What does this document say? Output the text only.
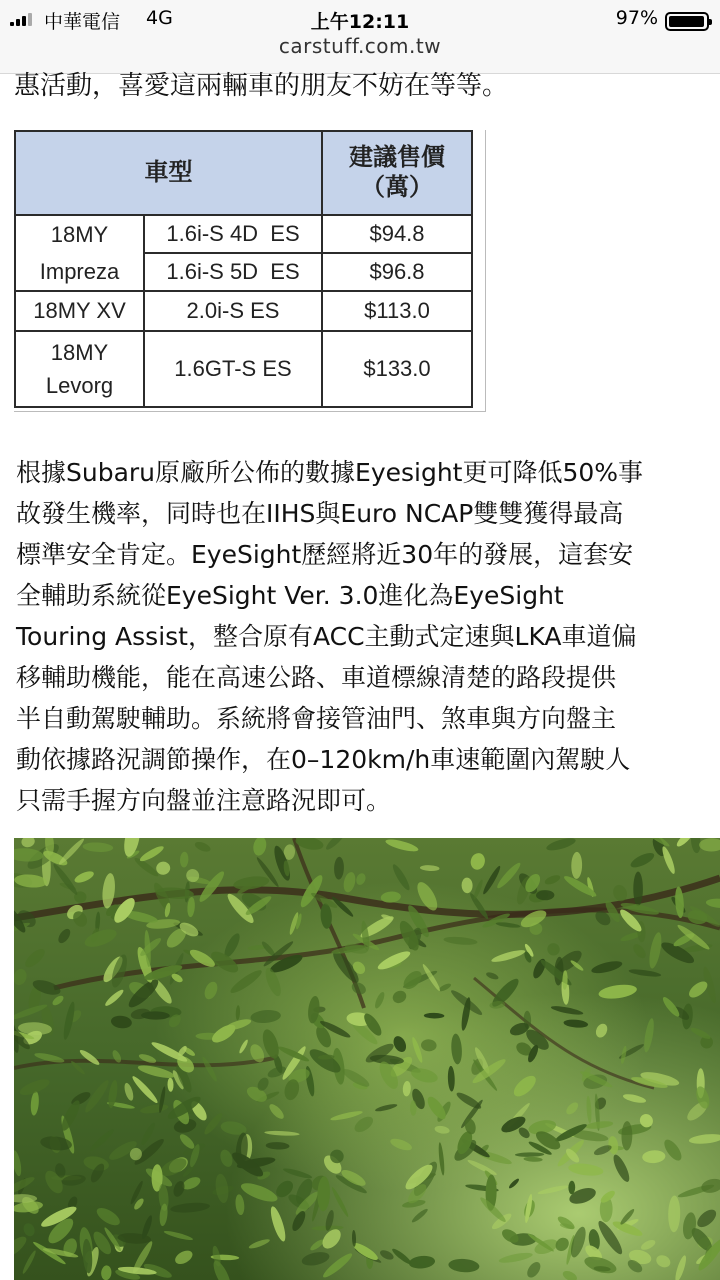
中華電信 4G	上午12:11	97%
carstuff.com.tw
惠活動，喜愛這兩輛車的朋友不妨在等等。
車型		建議售價
（萬）
18MY
Impreza	1.6i-S 4D  ES	$94.8
	1.6i-S 5D  ES	$96.8
18MY XV	2.0i-S ES	$113.0
18MY
Levorg	1.6GT-S ES	$133.0
根據Subaru原廠所公佈的數據Eyesight更可降低50%事
故發生機率，同時也在IIHS與Euro NCAP雙雙獲得最高
標準安全肯定。EyeSight歷經將近30年的發展，這套安
全輔助系統從EyeSight Ver. 3.0進化為EyeSight
Touring Assist，整合原有ACC主動式定速與LKA車道偏
移輔助機能，能在高速公路、車道標線清楚的路段提供
半自動駕駛輔助。系統將會接管油門、煞車與方向盤主
動依據路況調節操作，在0–120km/h車速範圍內駕駛人
只需手握方向盤並注意路況即可。
